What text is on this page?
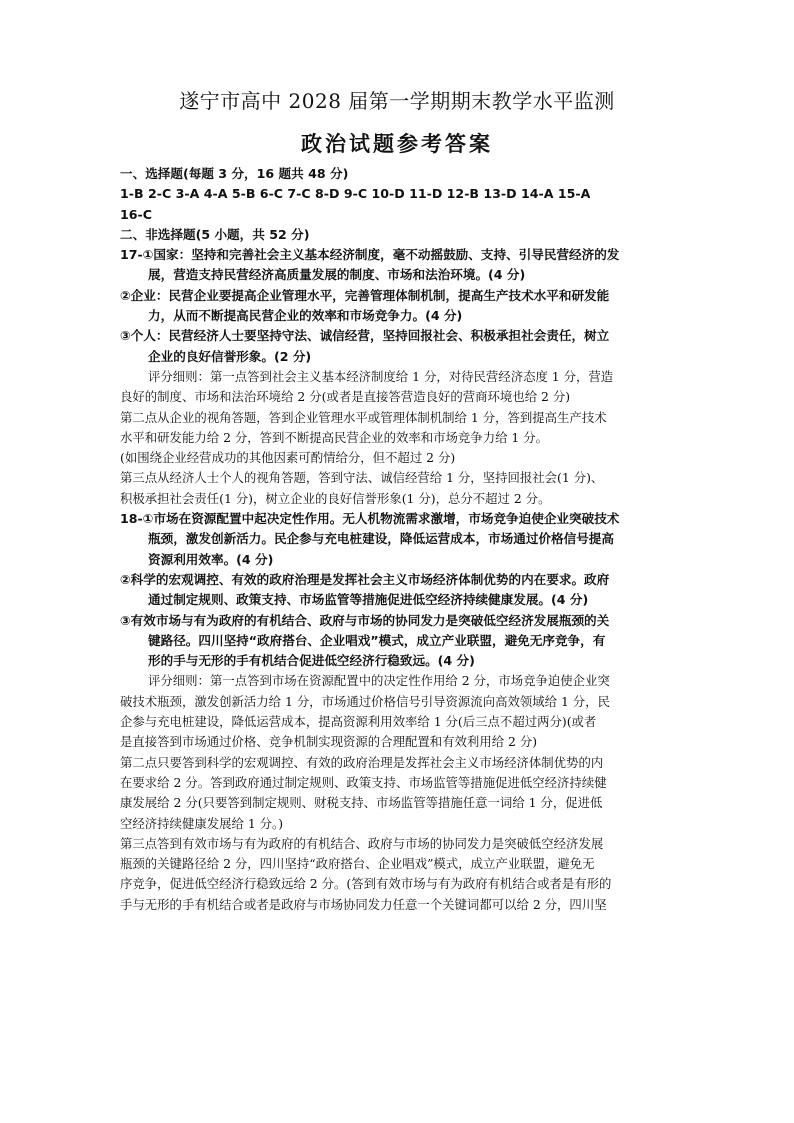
遂宁市高中 2028 届第一学期期末教学水平监测
政治试题参考答案
一、选择题(每题 3 分，16 题共 48 分)
1-B 2-C 3-A 4-A 5-B 6-C 7-C 8-D 9-C 10-D 11-D 12-B 13-D 14-A 15-A
16-C
二、非选择题(5 小题，共 52 分)
17-①国家：坚持和完善社会主义基本经济制度，毫不动摇鼓励、支持、引导民营经济的发
展，营造支持民营经济高质量发展的制度、市场和法治环境。(4 分)
②企业：民营企业要提高企业管理水平，完善管理体制机制，提高生产技术水平和研发能
力，从而不断提高民营企业的效率和市场竞争力。(4 分)
③个人：民营经济人士要坚持守法、诚信经营，坚持回报社会、积极承担社会责任，树立
企业的良好信誉形象。(2 分)
评分细则：第一点答到社会主义基本经济制度给 1 分，对待民营经济态度 1 分，营造
良好的制度、市场和法治环境给 2 分(或者是直接答营造良好的营商环境也给 2 分)
第二点从企业的视角答题，答到企业管理水平或管理体制机制给 1 分，答到提高生产技术
水平和研发能力给 2 分，答到不断提高民营企业的效率和市场竞争力给 1 分。
(如围绕企业经营成功的其他因素可酌情给分，但不超过 2 分)
第三点从经济人士个人的视角答题，答到守法、诚信经营给 1 分，坚持回报社会(1 分)、
积极承担社会责任(1 分)，树立企业的良好信誉形象(1 分)，总分不超过 2 分。
18-①市场在资源配置中起决定性作用。无人机物流需求激增，市场竞争迫使企业突破技术
瓶颈，激发创新活力。民企参与充电桩建设，降低运营成本，市场通过价格信号提高
资源利用效率。(4 分)
②科学的宏观调控、有效的政府治理是发挥社会主义市场经济体制优势的内在要求。政府
通过制定规则、政策支持、市场监管等措施促进低空经济持续健康发展。(4 分)
③有效市场与有为政府的有机结合、政府与市场的协同发力是突破低空经济发展瓶颈的关
键路径。四川坚持“政府搭台、企业唱戏”模式，成立产业联盟，避免无序竞争，有
形的手与无形的手有机结合促进低空经济行稳致远。(4 分)
评分细则：第一点答到市场在资源配置中的决定性作用给 2 分，市场竞争迫使企业突
破技术瓶颈，激发创新活力给 1 分，市场通过价格信号引导资源流向高效领域给 1 分，民
企参与充电桩建设，降低运营成本，提高资源利用效率给 1 分(后三点不超过两分)(或者
是直接答到市场通过价格、竞争机制实现资源的合理配置和有效利用给 2 分)
第二点只要答到科学的宏观调控、有效的政府治理是发挥社会主义市场经济体制优势的内
在要求给 2 分。答到政府通过制定规则、政策支持、市场监管等措施促进低空经济持续健
康发展给 2 分(只要答到制定规则、财税支持、市场监管等措施任意一词给 1 分，促进低
空经济持续健康发展给 1 分。)
第三点答到有效市场与有为政府的有机结合、政府与市场的协同发力是突破低空经济发展
瓶颈的关键路径给 2 分，四川坚持“政府搭台、企业唱戏”模式，成立产业联盟，避免无
序竞争，促进低空经济行稳致远给 2 分。(答到有效市场与有为政府有机结合或者是有形的
手与无形的手有机结合或者是政府与市场协同发力任意一个关键词都可以给 2 分，四川坚
